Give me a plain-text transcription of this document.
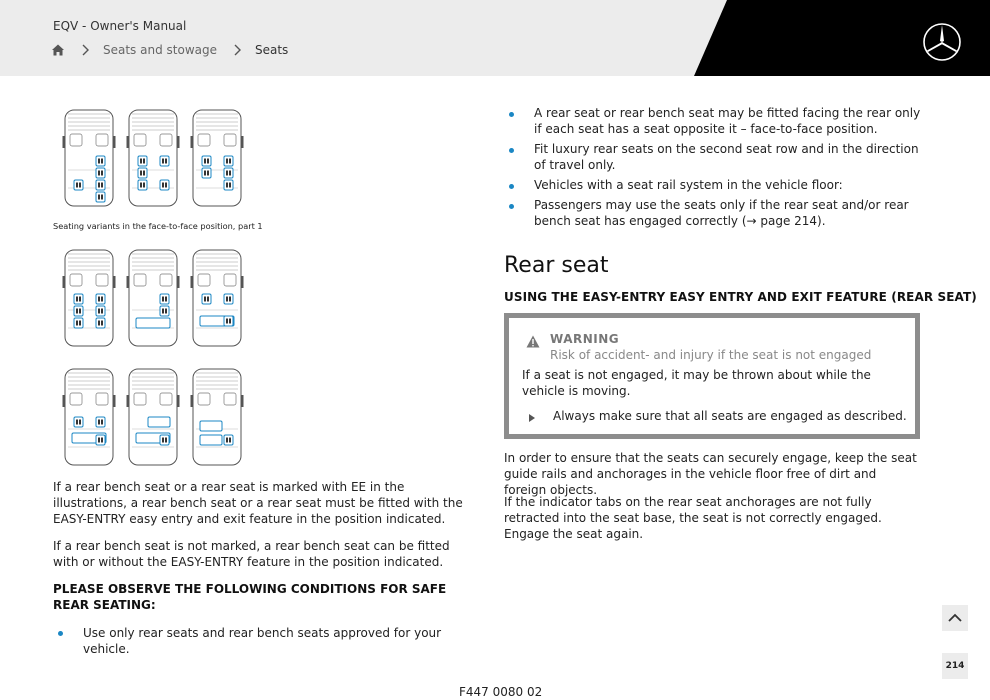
EQV - Owner's Manual
Seats and stowage	Seats
Seating variants in the face-to-face position, part 1

If a rear bench seat or a rear seat is marked with EE in the illustrations, a rear bench seat or a rear seat must be fitted with the EASY-ENTRY easy entry and exit feature in the position indicated.

If a rear bench seat is not marked, a rear bench seat can be fitted with or without the EASY-ENTRY feature in the position indicated.

PLEASE OBSERVE THE FOLLOWING CONDITIONS FOR SAFE REAR SEATING:

Use only rear seats and rear bench seats approved for your vehicle.

A rear seat or rear bench seat may be fitted facing the rear only if each seat has a seat opposite it – face-to-face position.
Fit luxury rear seats on the second seat row and in the direction of travel only.
Vehicles with a seat rail system in the vehicle floor:
Passengers may use the seats only if the rear seat and/or rear bench seat has engaged correctly (→ page 214).
Rear seat
USING THE EASY-ENTRY EASY ENTRY AND EXIT FEATURE (REAR SEAT)
WARNING
Risk of accident- and injury if the seat is not engaged

If a seat is not engaged, it may be thrown about while the vehicle is moving.

Always make sure that all seats are engaged as described.

In order to ensure that the seats can securely engage, keep the seat guide rails and anchorages in the vehicle floor free of dirt and foreign objects.

If the indicator tabs on the rear seat anchorages are not fully retracted into the seat base, the seat is not correctly engaged. Engage the seat again.

214
F447 0080 02
